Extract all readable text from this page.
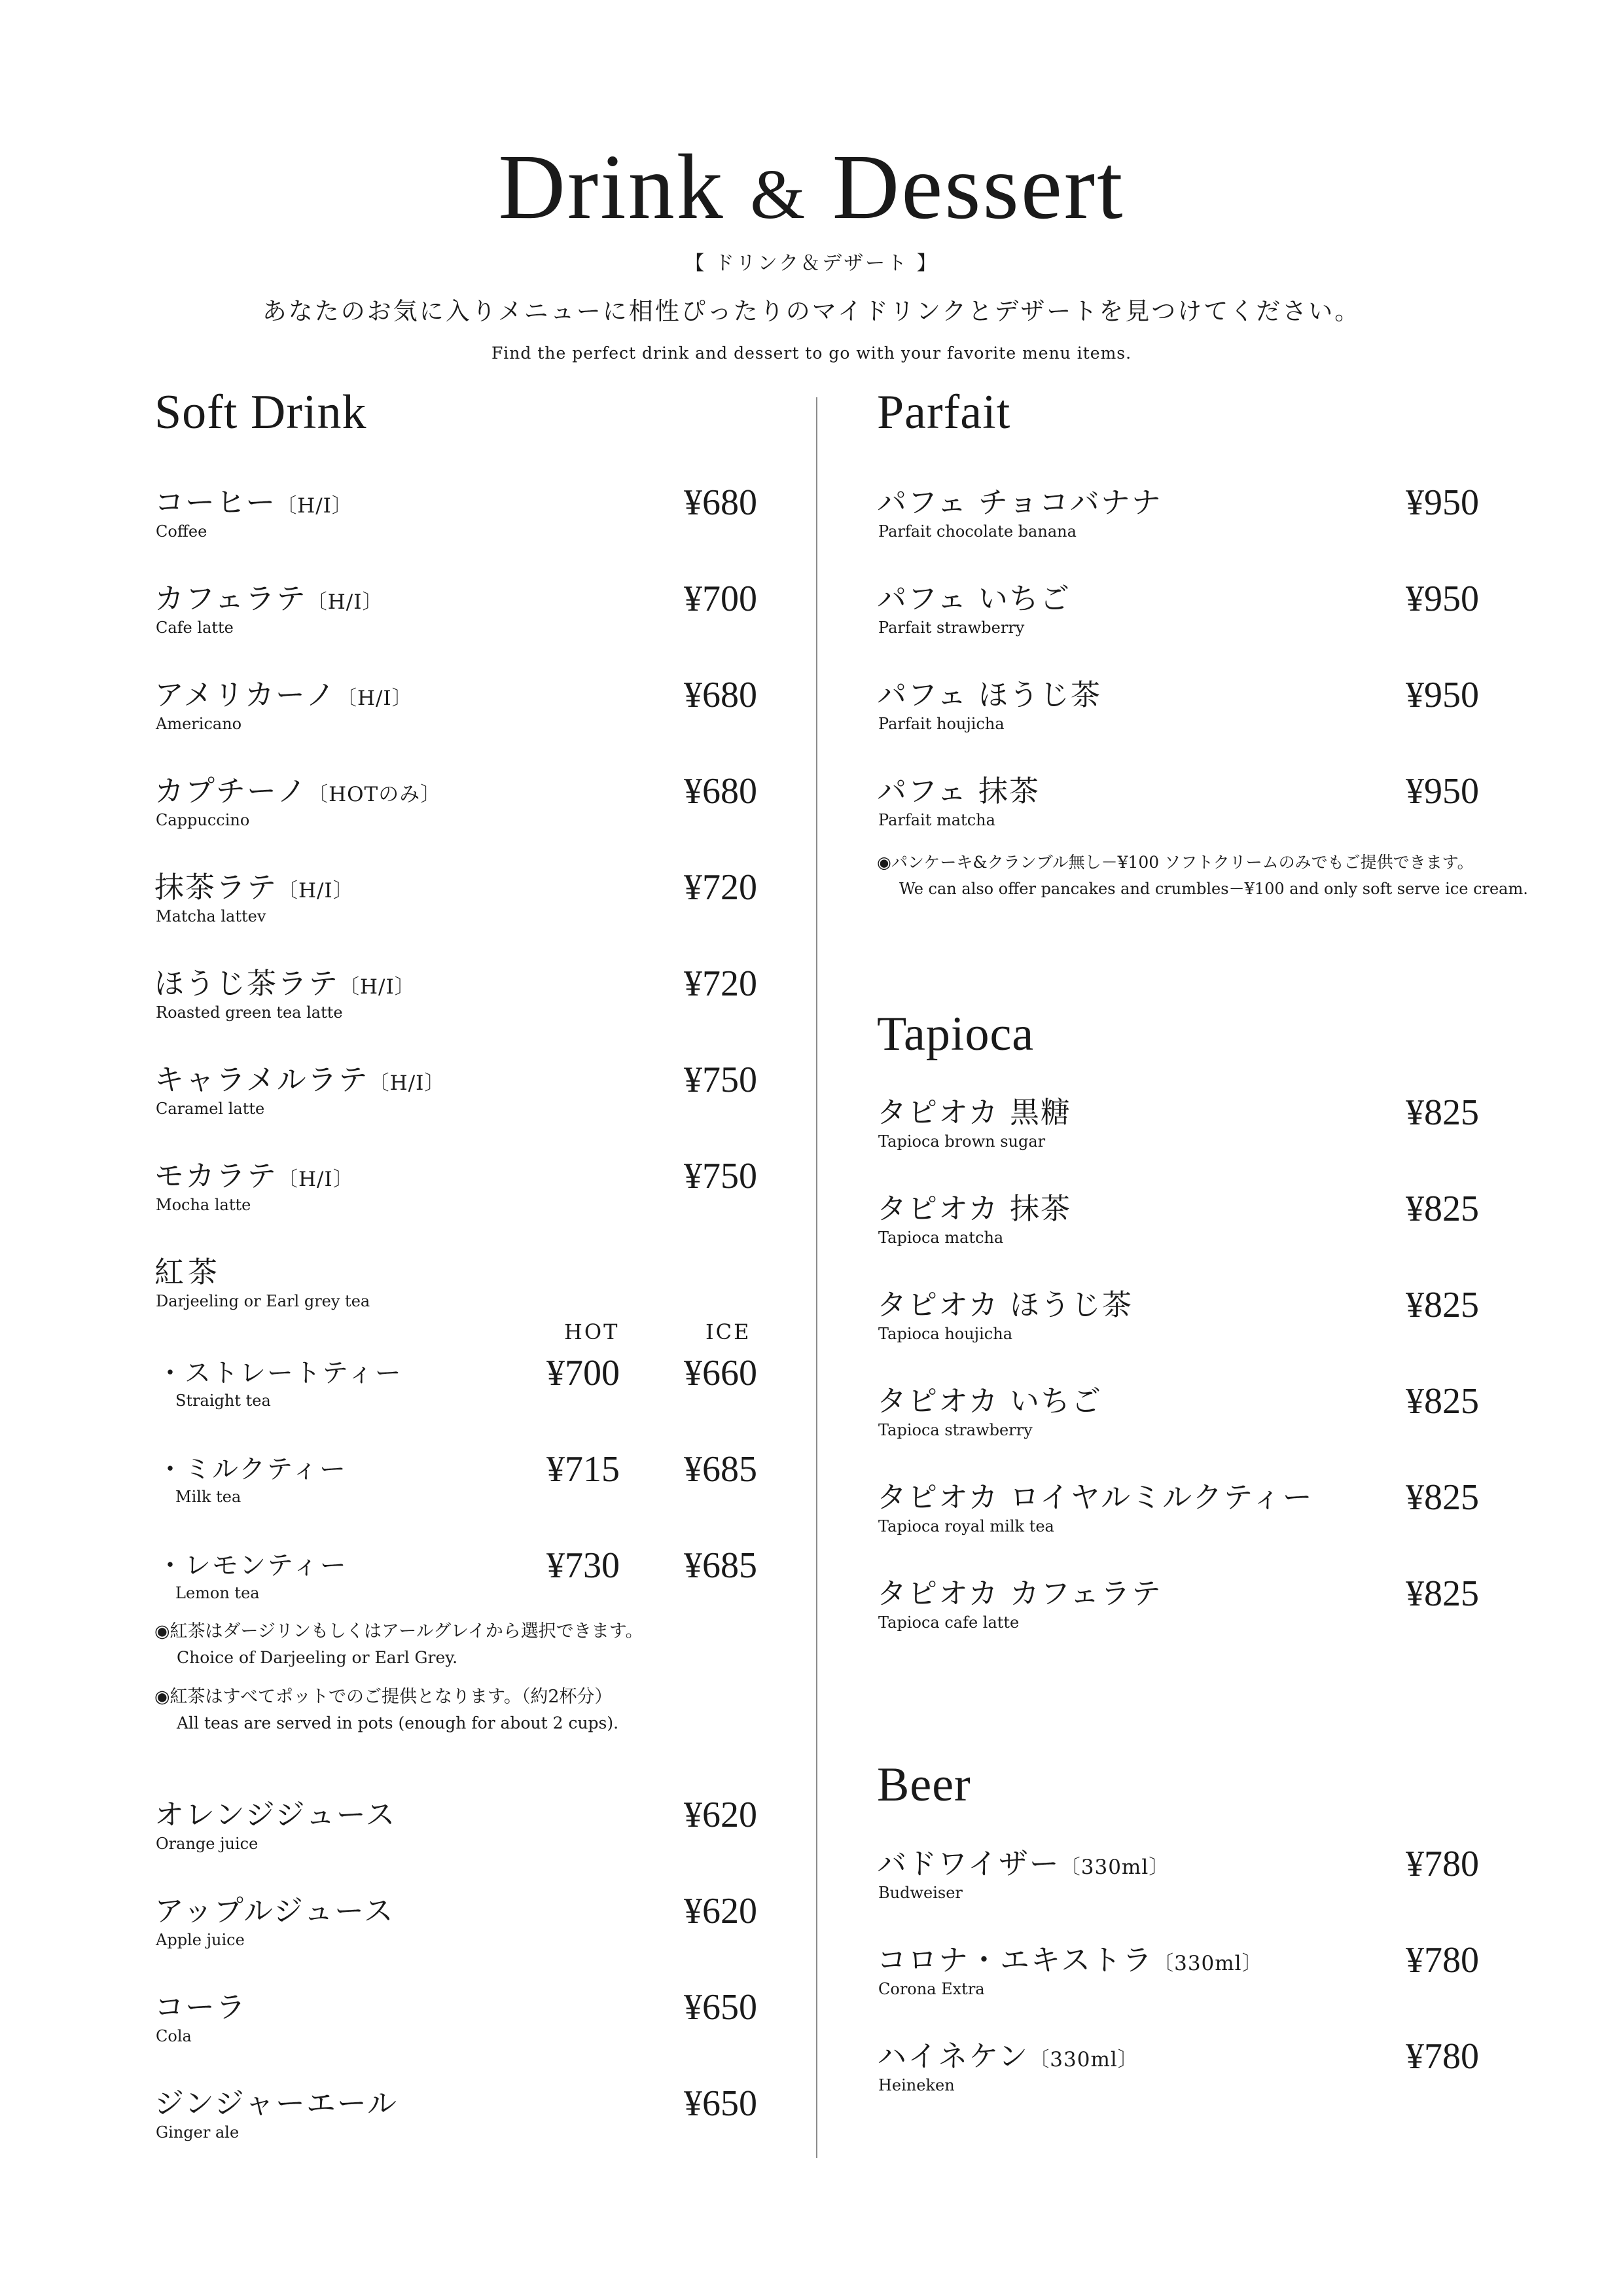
Drink & Dessert
【 ドリンク＆デザート 】
あなたのお気に入りメニューに相性ぴったりのマイドリンクとデザートを見つけてください。
Find the perfect drink and dessert to go with your favorite menu items.
Soft Drink
コーヒー〔H/I〕
Coffee
¥680
カフェラテ〔H/I〕
Cafe latte
¥700
アメリカーノ〔H/I〕
Americano
¥680
カプチーノ〔HOTのみ〕
Cappuccino
¥680
抹茶ラテ〔H/I〕
Matcha lattev
¥720
ほうじ茶ラテ〔H/I〕
Roasted green tea latte
¥720
キャラメルラテ〔H/I〕
Caramel latte
¥750
モカラテ〔H/I〕
Mocha latte
¥750
紅茶
Darjeeling or Earl grey tea
HOT	ICE
・ストレートティー
Straight tea
¥700 ¥660
・ミルクティー
Milk tea
¥715 ¥685
・レモンティー
Lemon tea
¥730 ¥685
◉紅茶はダージリンもしくはアールグレイから選択できます。
Choice of Darjeeling or Earl Grey.
◉紅茶はすべてポットでのご提供となります。（約2杯分）
All teas are served in pots (enough for about 2 cups).
オレンジジュース
Orange juice
¥620
アップルジュース
Apple juice
¥620
コーラ
Cola
¥650
ジンジャーエール
Ginger ale
¥650
Parfait
パフェ チョコバナナ
Parfait chocolate banana
¥950
パフェ いちご
Parfait strawberry
¥950
パフェ ほうじ茶
Parfait houjicha
¥950
パフェ 抹茶
Parfait matcha
¥950
◉パンケーキ&クランブル無し－¥100 ソフトクリームのみでもご提供できます。
We can also offer pancakes and crumbles－¥100 and only soft serve ice cream.
Tapioca
タピオカ 黒糖
Tapioca brown sugar
¥825
タピオカ 抹茶
Tapioca matcha
¥825
タピオカ ほうじ茶
Tapioca houjicha
¥825
タピオカ いちご
Tapioca strawberry
¥825
タピオカ ロイヤルミルクティー
Tapioca royal milk tea
¥825
タピオカ カフェラテ
Tapioca cafe latte
¥825
Beer
バドワイザー〔330ml〕
Budweiser
¥780
コロナ・エキストラ〔330ml〕
Corona Extra
¥780
ハイネケン〔330ml〕
Heineken
¥780
